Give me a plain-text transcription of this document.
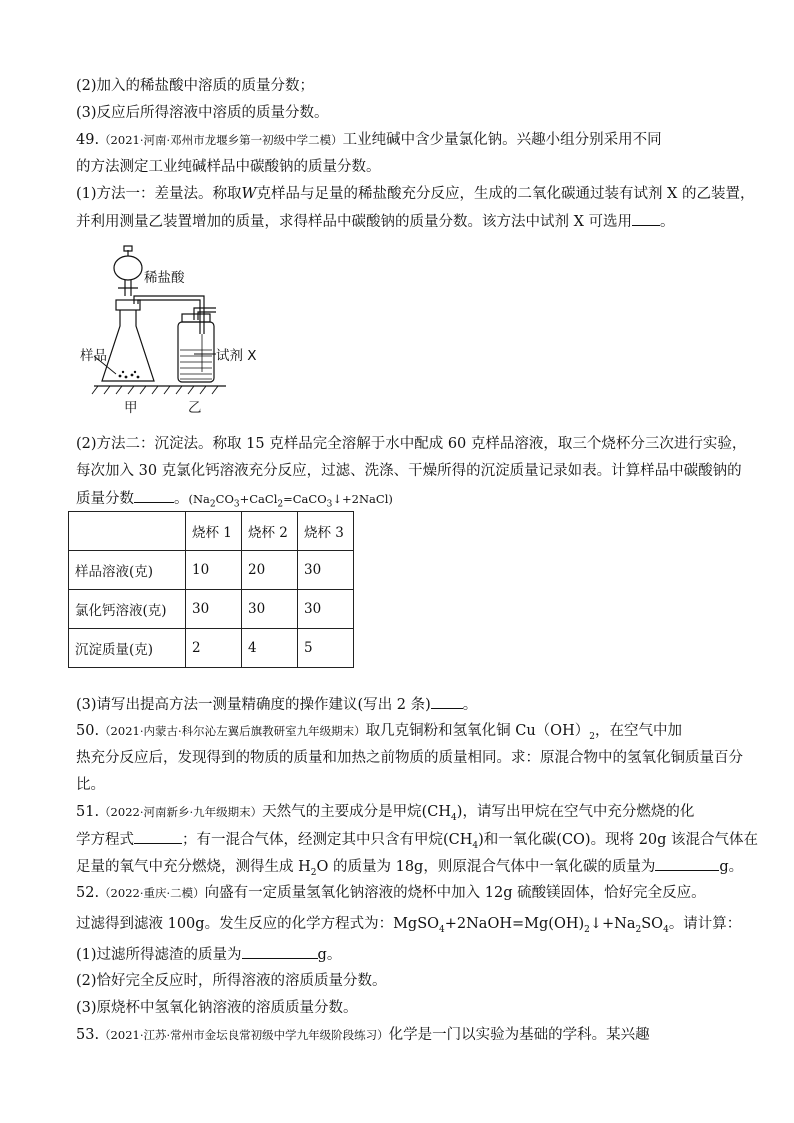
(2)加入的稀盐酸中溶质的质量分数；
(3)反应后所得溶液中溶质的质量分数。
49.（2021·河南·邓州市龙堰乡第一初级中学二模）工业纯碱中含少量氯化钠。兴趣小组分别采用不同
的方法测定工业纯碱样品中碳酸钠的质量分数。
(1)方法一：差量法。称取W克样品与足量的稀盐酸充分反应，生成的二氧化碳通过装有试剂 X 的乙装置，
并利用测量乙装置增加的质量，求得样品中碳酸钠的质量分数。该方法中试剂 X 可选用 。
稀盐酸
样品	试剂 X
甲	乙
(2)方法二：沉淀法。称取 15 克样品完全溶解于水中配成 60 克样品溶液，取三个烧杯分三次进行实验，
每次加入 30 克氯化钙溶液充分反应，过滤、洗涤、干燥所得的沉淀质量记录如表。计算样品中碳酸钠的
质量分数	。$(Na_2CO_3+CaCl_2=CaCO_3↓+2NaCl)$
	烧杯 1	烧杯 2	烧杯 3
样品溶液(克)	10	20	30
氯化钙溶液(克)	30	30	30
沉淀质量(克)	2	4	5
(3)请写出提高方法一测量精确度的操作建议(写出 2 条) 。
50.（2021·内蒙古·科尔沁左翼后旗教研室九年级期末）取几克铜粉和氢氧化铜 $Cu(OH)_2$，在空气中加
热充分反应后，发现得到的物质的质量和加热之前物质的质量相同。求：原混合物中的氢氧化铜质量百分
比。
51.（2022·河南新乡·九年级期末）天然气的主要成分是甲烷$(CH_4)$，请写出甲烷在空气中充分燃烧的化
学方程式	；有一混合气体，经测定其中只含有甲烷$(CH_4)$和一氧化碳(CO)。现将 20g 该混合气体在
足量的氧气中充分燃烧，测得生成 $H_2O$ 的质量为 18g，则原混合气体中一氧化碳的质量为	g。
52.（2022·重庆·二模）向盛有一定质量氢氧化钠溶液的烧杯中加入 12g 硫酸镁固体，恰好完全反应。
过滤得到滤液 100g。发生反应的化学方程式为：$MgSO_4+2NaOH=Mg(OH)_2↓+Na_2SO_4$。请计算：
(1)过滤所得滤渣的质量为	g。
(2)恰好完全反应时，所得溶液的溶质质量分数。
(3)原烧杯中氢氧化钠溶液的溶质质量分数。
53.（2021·江苏·常州市金坛良常初级中学九年级阶段练习）化学是一门以实验为基础的学科。某兴趣
